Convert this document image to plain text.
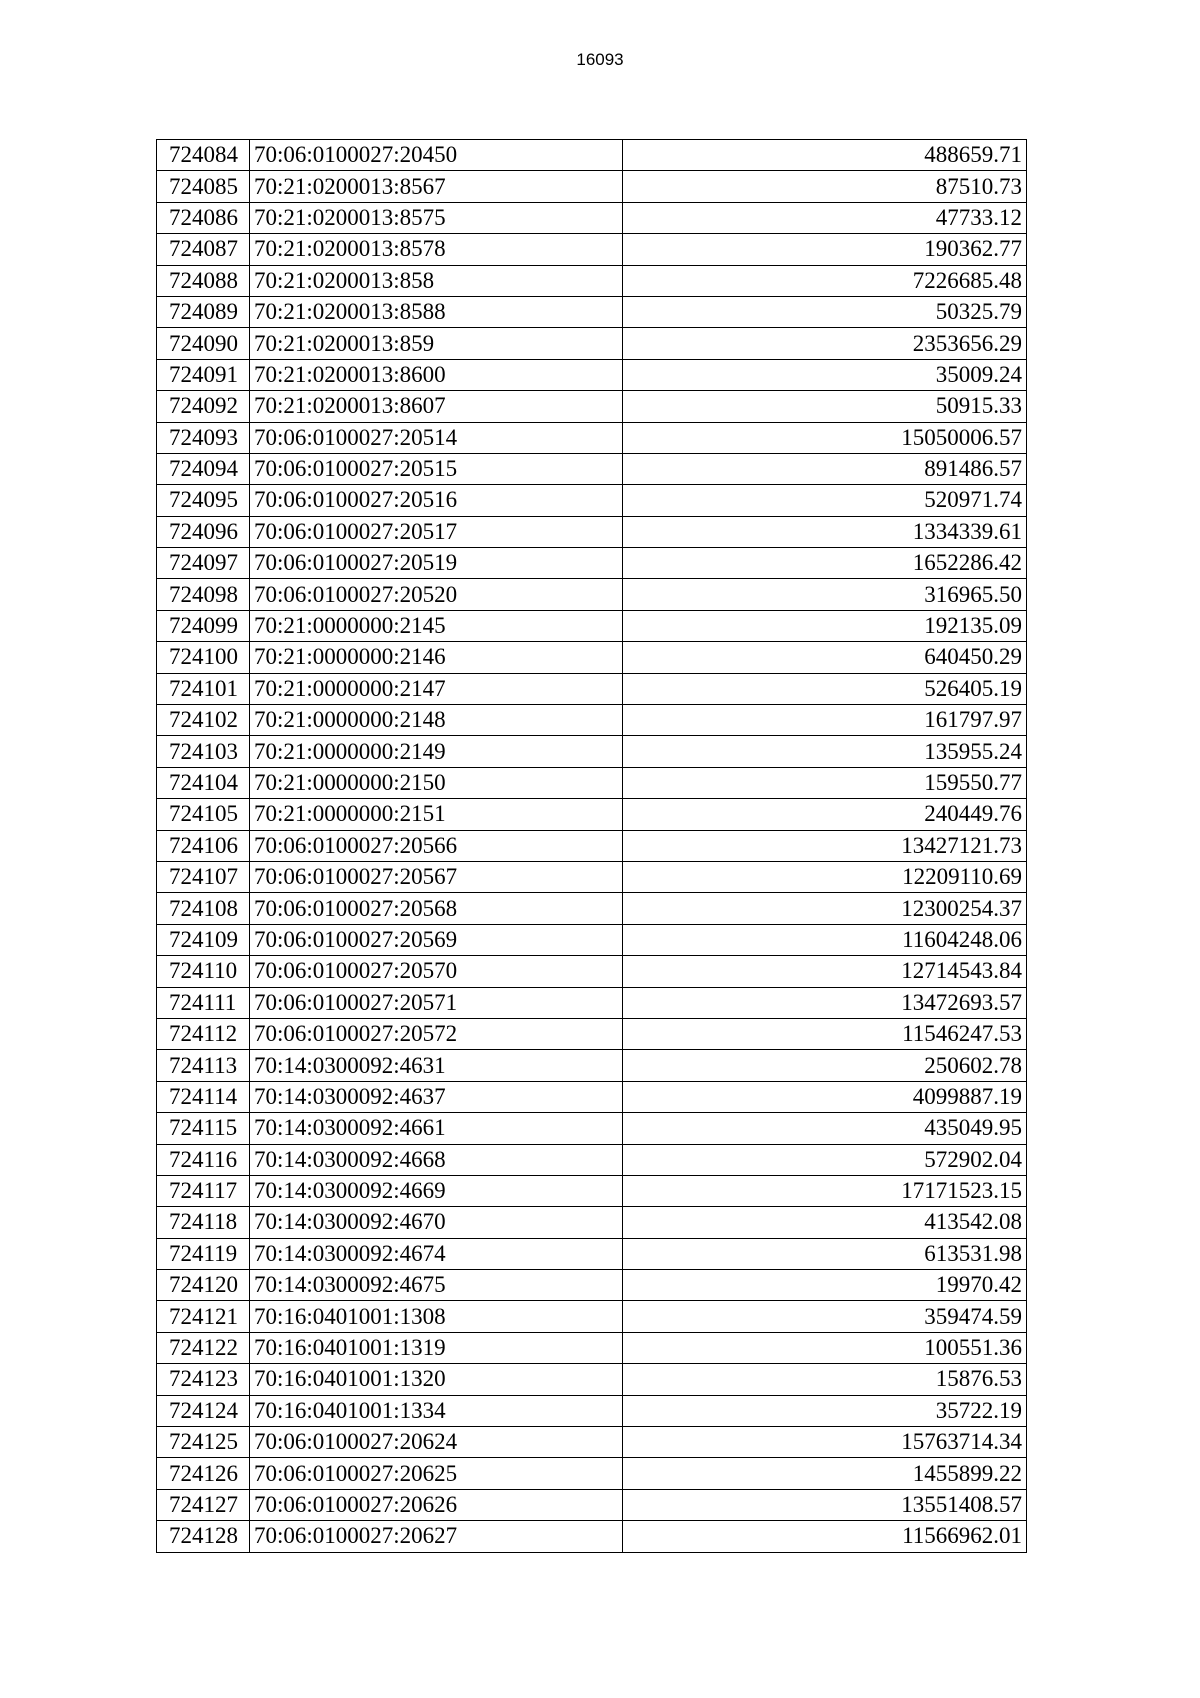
16093
724084	70:06:0100027:20450	488659.71
724085	70:21:0200013:8567	87510.73
724086	70:21:0200013:8575	47733.12
724087	70:21:0200013:8578	190362.77
724088	70:21:0200013:858	7226685.48
724089	70:21:0200013:8588	50325.79
724090	70:21:0200013:859	2353656.29
724091	70:21:0200013:8600	35009.24
724092	70:21:0200013:8607	50915.33
724093	70:06:0100027:20514	15050006.57
724094	70:06:0100027:20515	891486.57
724095	70:06:0100027:20516	520971.74
724096	70:06:0100027:20517	1334339.61
724097	70:06:0100027:20519	1652286.42
724098	70:06:0100027:20520	316965.50
724099	70:21:0000000:2145	192135.09
724100	70:21:0000000:2146	640450.29
724101	70:21:0000000:2147	526405.19
724102	70:21:0000000:2148	161797.97
724103	70:21:0000000:2149	135955.24
724104	70:21:0000000:2150	159550.77
724105	70:21:0000000:2151	240449.76
724106	70:06:0100027:20566	13427121.73
724107	70:06:0100027:20567	12209110.69
724108	70:06:0100027:20568	12300254.37
724109	70:06:0100027:20569	11604248.06
724110	70:06:0100027:20570	12714543.84
724111	70:06:0100027:20571	13472693.57
724112	70:06:0100027:20572	11546247.53
724113	70:14:0300092:4631	250602.78
724114	70:14:0300092:4637	4099887.19
724115	70:14:0300092:4661	435049.95
724116	70:14:0300092:4668	572902.04
724117	70:14:0300092:4669	17171523.15
724118	70:14:0300092:4670	413542.08
724119	70:14:0300092:4674	613531.98
724120	70:14:0300092:4675	19970.42
724121	70:16:0401001:1308	359474.59
724122	70:16:0401001:1319	100551.36
724123	70:16:0401001:1320	15876.53
724124	70:16:0401001:1334	35722.19
724125	70:06:0100027:20624	15763714.34
724126	70:06:0100027:20625	1455899.22
724127	70:06:0100027:20626	13551408.57
724128	70:06:0100027:20627	11566962.01
